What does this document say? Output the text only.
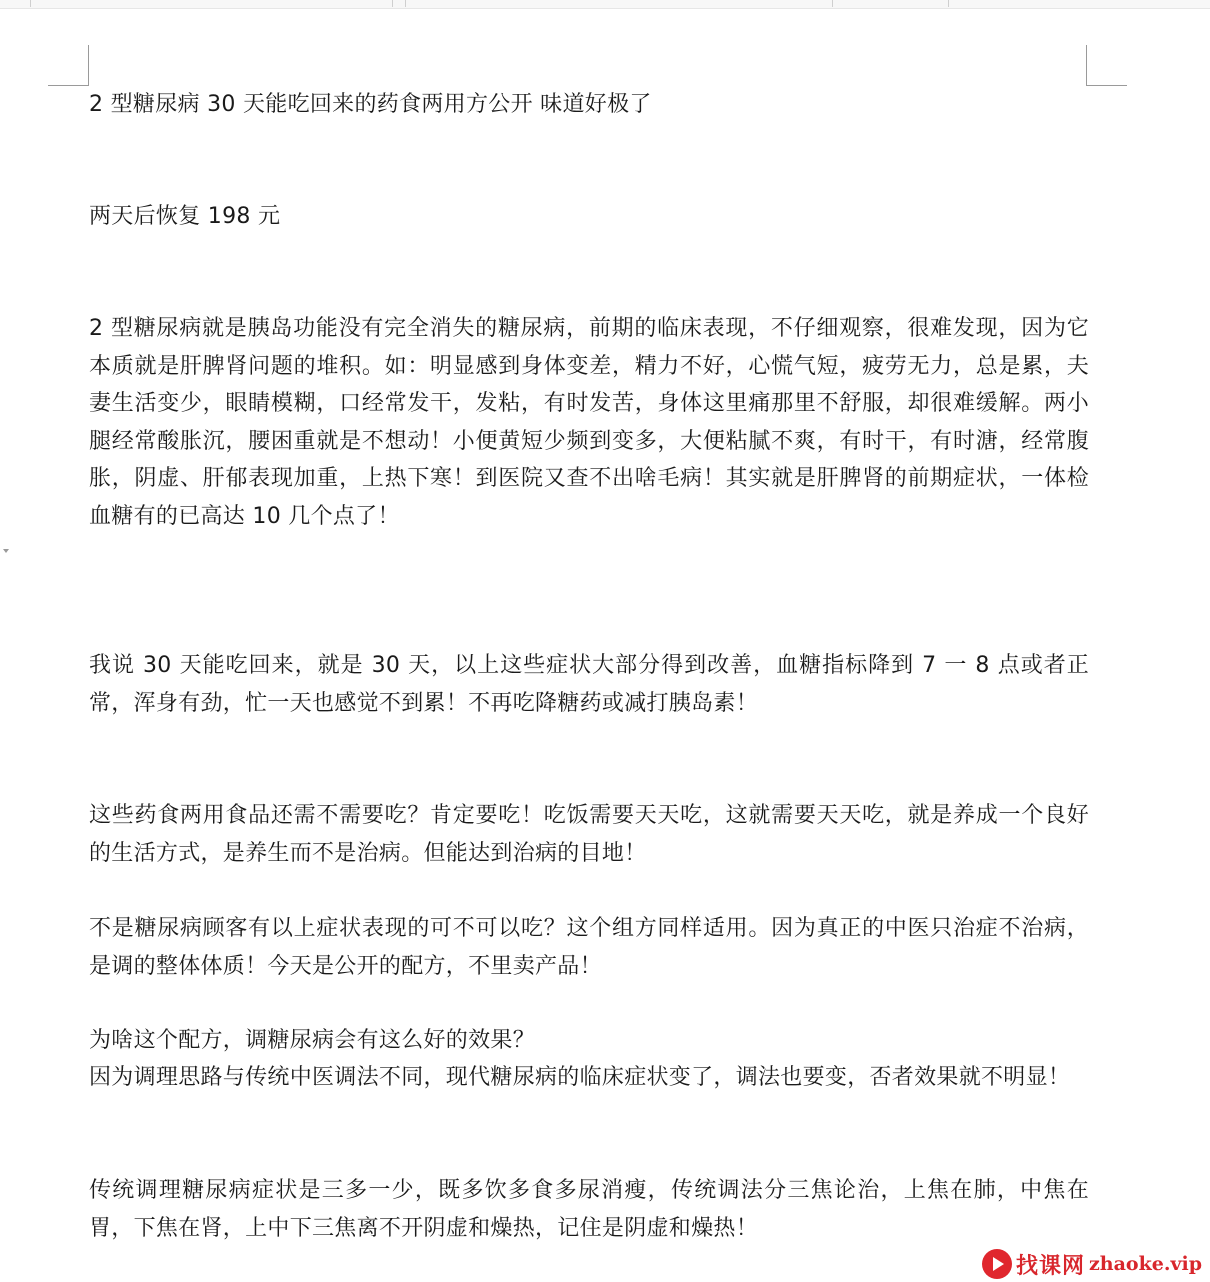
2 型糖尿病 30 天能吃回来的药食两用方公开 味道好极了

两天后恢复 198 元

2 型糖尿病就是胰岛功能没有完全消失的糖尿病，前期的临床表现，不仔细观察，很难发现，因为它本质就是肝脾肾问题的堆积。如：明显感到身体变差，精力不好，心慌气短，疲劳无力，总是累，夫妻生活变少，眼睛模糊，口经常发干，发粘，有时发苦，身体这里痛那里不舒服，却很难缓解。两小腿经常酸胀沉，腰困重就是不想动！小便黄短少频到变多，大便粘腻不爽，有时干，有时溏，经常腹胀，阴虚、肝郁表现加重，上热下寒！到医院又查不出啥毛病！其实就是肝脾肾的前期症状，一体检血糖有的已高达 10 几个点了！

我说 30 天能吃回来，就是 30 天，以上这些症状大部分得到改善，血糖指标降到 7 一 8 点或者正常，浑身有劲，忙一天也感觉不到累！不再吃降糖药或减打胰岛素！

这些药食两用食品还需不需要吃？肯定要吃！吃饭需要天天吃，这就需要天天吃，就是养成一个良好的生活方式，是养生而不是治病。但能达到治病的目地！

不是糖尿病顾客有以上症状表现的可不可以吃？这个组方同样适用。因为真正的中医只治症不治病，是调的整体体质！今天是公开的配方，不里卖产品！

为啥这个配方，调糖尿病会有这么好的效果？

因为调理思路与传统中医调法不同，现代糖尿病的临床症状变了，调法也要变，否者效果就不明显！

传统调理糖尿病症状是三多一少，既多饮多食多尿消瘦，传统调法分三焦论治，上焦在肺，中焦在胃，下焦在肾，上中下三焦离不开阴虚和燥热，记住是阴虚和燥热！

找课网 zhaoke.vip
